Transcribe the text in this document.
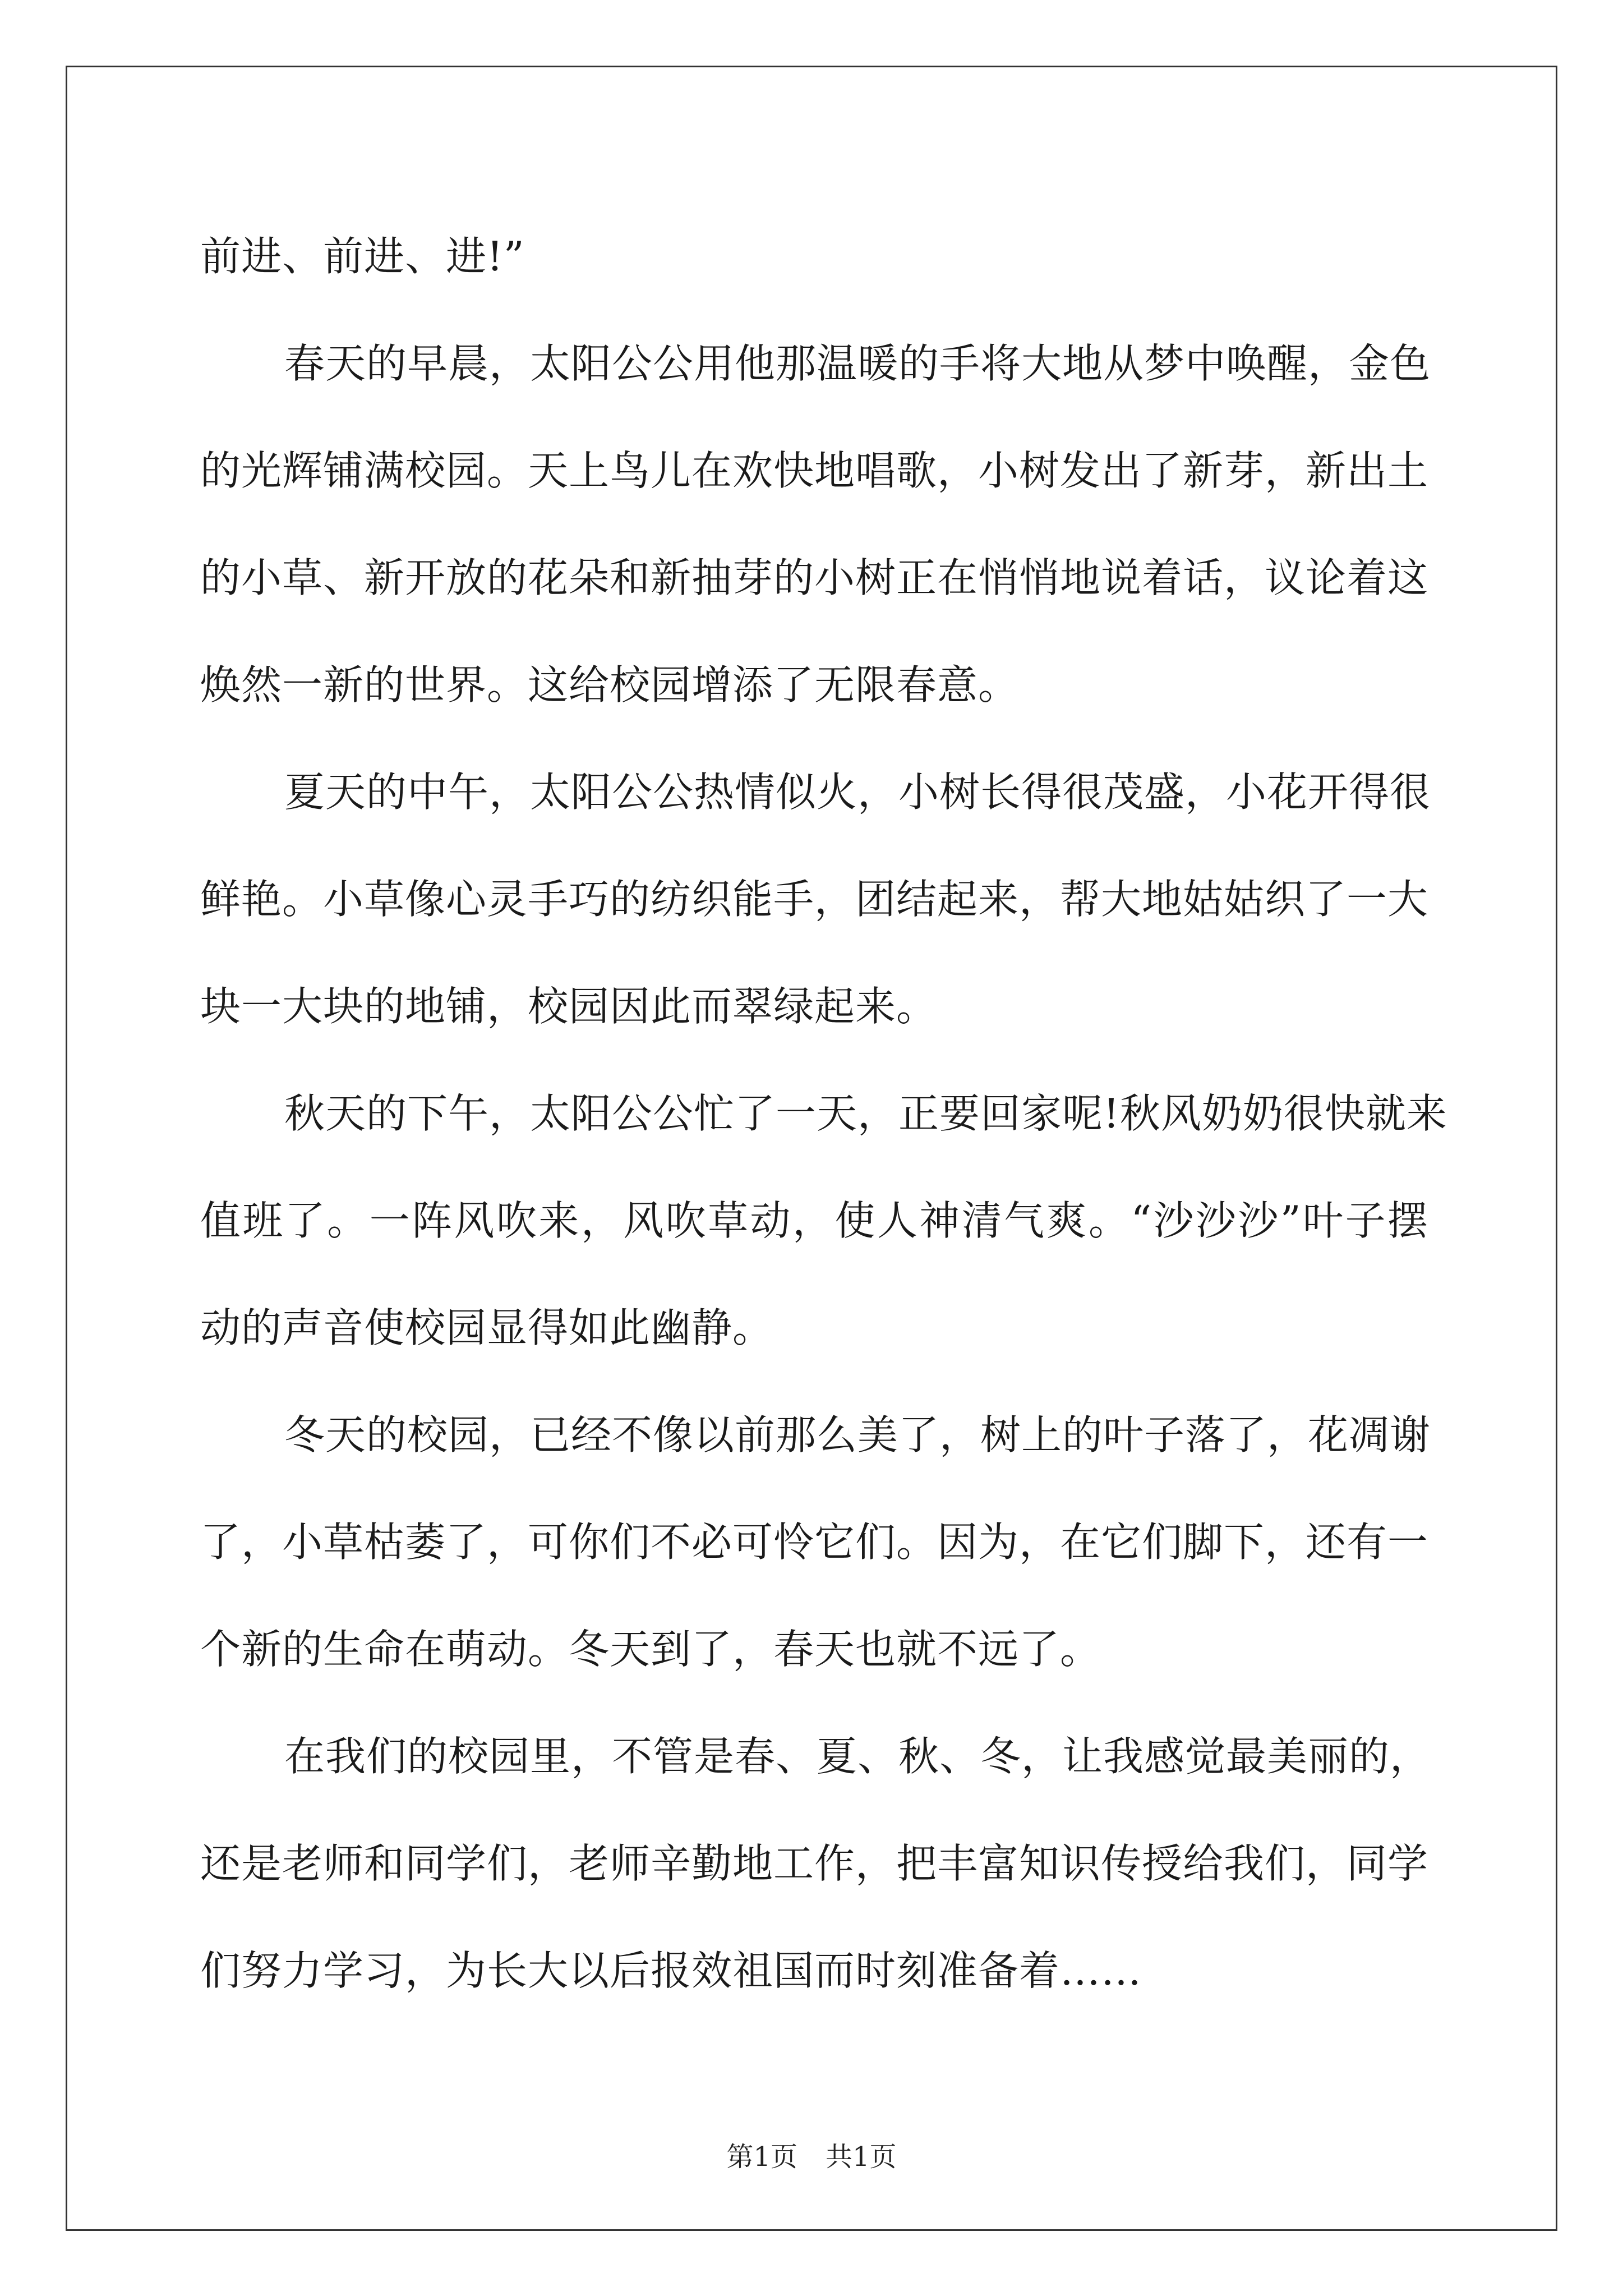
前进、前进、进!”
春天的早晨，太阳公公用他那温暖的手将大地从梦中唤醒，金色
的光辉铺满校园。天上鸟儿在欢快地唱歌，小树发出了新芽，新出土
的小草、新开放的花朵和新抽芽的小树正在悄悄地说着话，议论着这
焕然一新的世界。这给校园增添了无限春意。
夏天的中午，太阳公公热情似火，小树长得很茂盛，小花开得很
鲜艳。小草像心灵手巧的纺织能手，团结起来，帮大地姑姑织了一大
块一大块的地铺，校园因此而翠绿起来。
秋天的下午，太阳公公忙了一天，正要回家呢!秋风奶奶很快就来
值班了。一阵风吹来，风吹草动，使人神清气爽。“沙沙沙”叶子摆
动的声音使校园显得如此幽静。
冬天的校园，已经不像以前那么美了，树上的叶子落了，花凋谢
了，小草枯萎了，可你们不必可怜它们。因为，在它们脚下，还有一
个新的生命在萌动。冬天到了，春天也就不远了。
在我们的校园里，不管是春、夏、秋、冬，让我感觉最美丽的，
还是老师和同学们，老师辛勤地工作，把丰富知识传授给我们，同学
们努力学习，为长大以后报效祖国而时刻准备着……
第1页 共1页
